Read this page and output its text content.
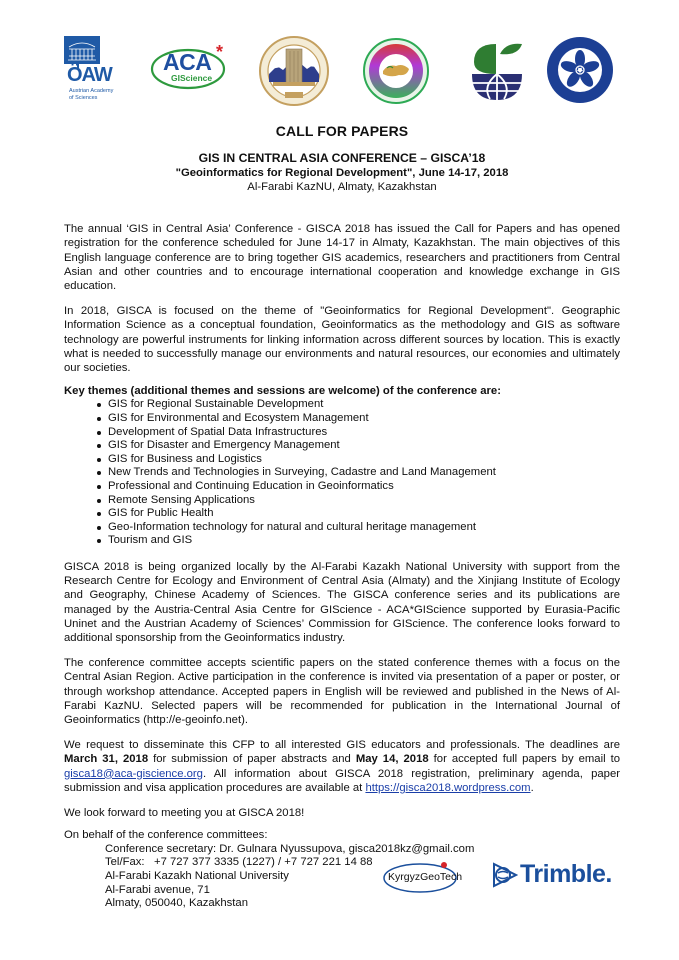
ÖAW
Austrian Academy
of Sciences
ACA *
GIScience
CALL FOR PAPERS
GIS IN CENTRAL ASIA CONFERENCE – GISCA’18
"Geoinformatics for Regional Development", June 14-17, 2018
Al-Farabi KazNU, Almaty, Kazakhstan

The annual ‘GIS in Central Asia’ Conference - GISCA 2018 has issued the Call for Papers and has opened registration for the conference scheduled for June 14-17 in Almaty, Kazakhstan. The main objectives of this English language conference are to bring together GIS academics, researchers and practitioners from Central Asian and other countries and to encourage international cooperation and knowledge exchange in GIS education.

In 2018, GISCA is focused on the theme of "Geoinformatics for Regional Development". Geographic Information Science as a conceptual foundation, Geoinformatics as the methodology and GIS as software technology are powerful instruments for linking information across different sources by location. This is exactly what is needed to successfully manage our environments and natural resources, our economies and ultimately our societies.

Key themes (additional themes and sessions are welcome) of the conference are:
GIS for Regional Sustainable Development
GIS for Environmental and Ecosystem Management
Development of Spatial Data Infrastructures
GIS for Disaster and Emergency Management
GIS for Business and Logistics
New Trends and Technologies in Surveying, Cadastre and Land Management
Professional and Continuing Education in Geoinformatics
Remote Sensing Applications
GIS for Public Health
Geo-Information technology for natural and cultural heritage management
Tourism and GIS

GISCA 2018 is being organized locally by the Al-Farabi Kazakh National University with support from the Research Centre for Ecology and Environment of Central Asia (Almaty) and the Xinjiang Institute of Ecology and Geography, Chinese Academy of Sciences. The GISCA conference series and its publications are managed by the Austria-Central Asia Centre for GIScience - ACA*GIScience supported by Eurasia-Pacific Uninet and the Austrian Academy of Sciences’ Commission for GIScience. The conference looks forward to additional sponsorship from the Geoinformatics industry.

The conference committee accepts scientific papers on the stated conference themes with a focus on the Central Asian Region. Active participation in the conference is invited via presentation of a paper or poster, or through workshop attendance. Accepted papers in English will be reviewed and published in the News of Al-Farabi KazNU. Selected papers will be recommended for publication in the International Journal of Geoinformatics (http://e-geoinfo.net).

We request to disseminate this CFP to all interested GIS educators and professionals. The deadlines are March 31, 2018 for submission of paper abstracts and May 14, 2018 for accepted full papers by email to gisca18@aca-giscience.org. All information about GISCA 2018 registration, preliminary agenda, paper submission and visa application procedures are available at https://gisca2018.wordpress.com.

We look forward to meeting you at GISCA 2018!

On behalf of the conference committees:
Conference secretary: Dr. Gulnara Nyussupova, gisca2018kz@gmail.com
Tel/Fax:   +7 727 377 3335 (1227) / +7 727 221 14 88
Al-Farabi Kazakh National University
Al-Farabi avenue, 71
Almaty, 050040, Kazakhstan
KyrgyzGeoTech Trimble.
